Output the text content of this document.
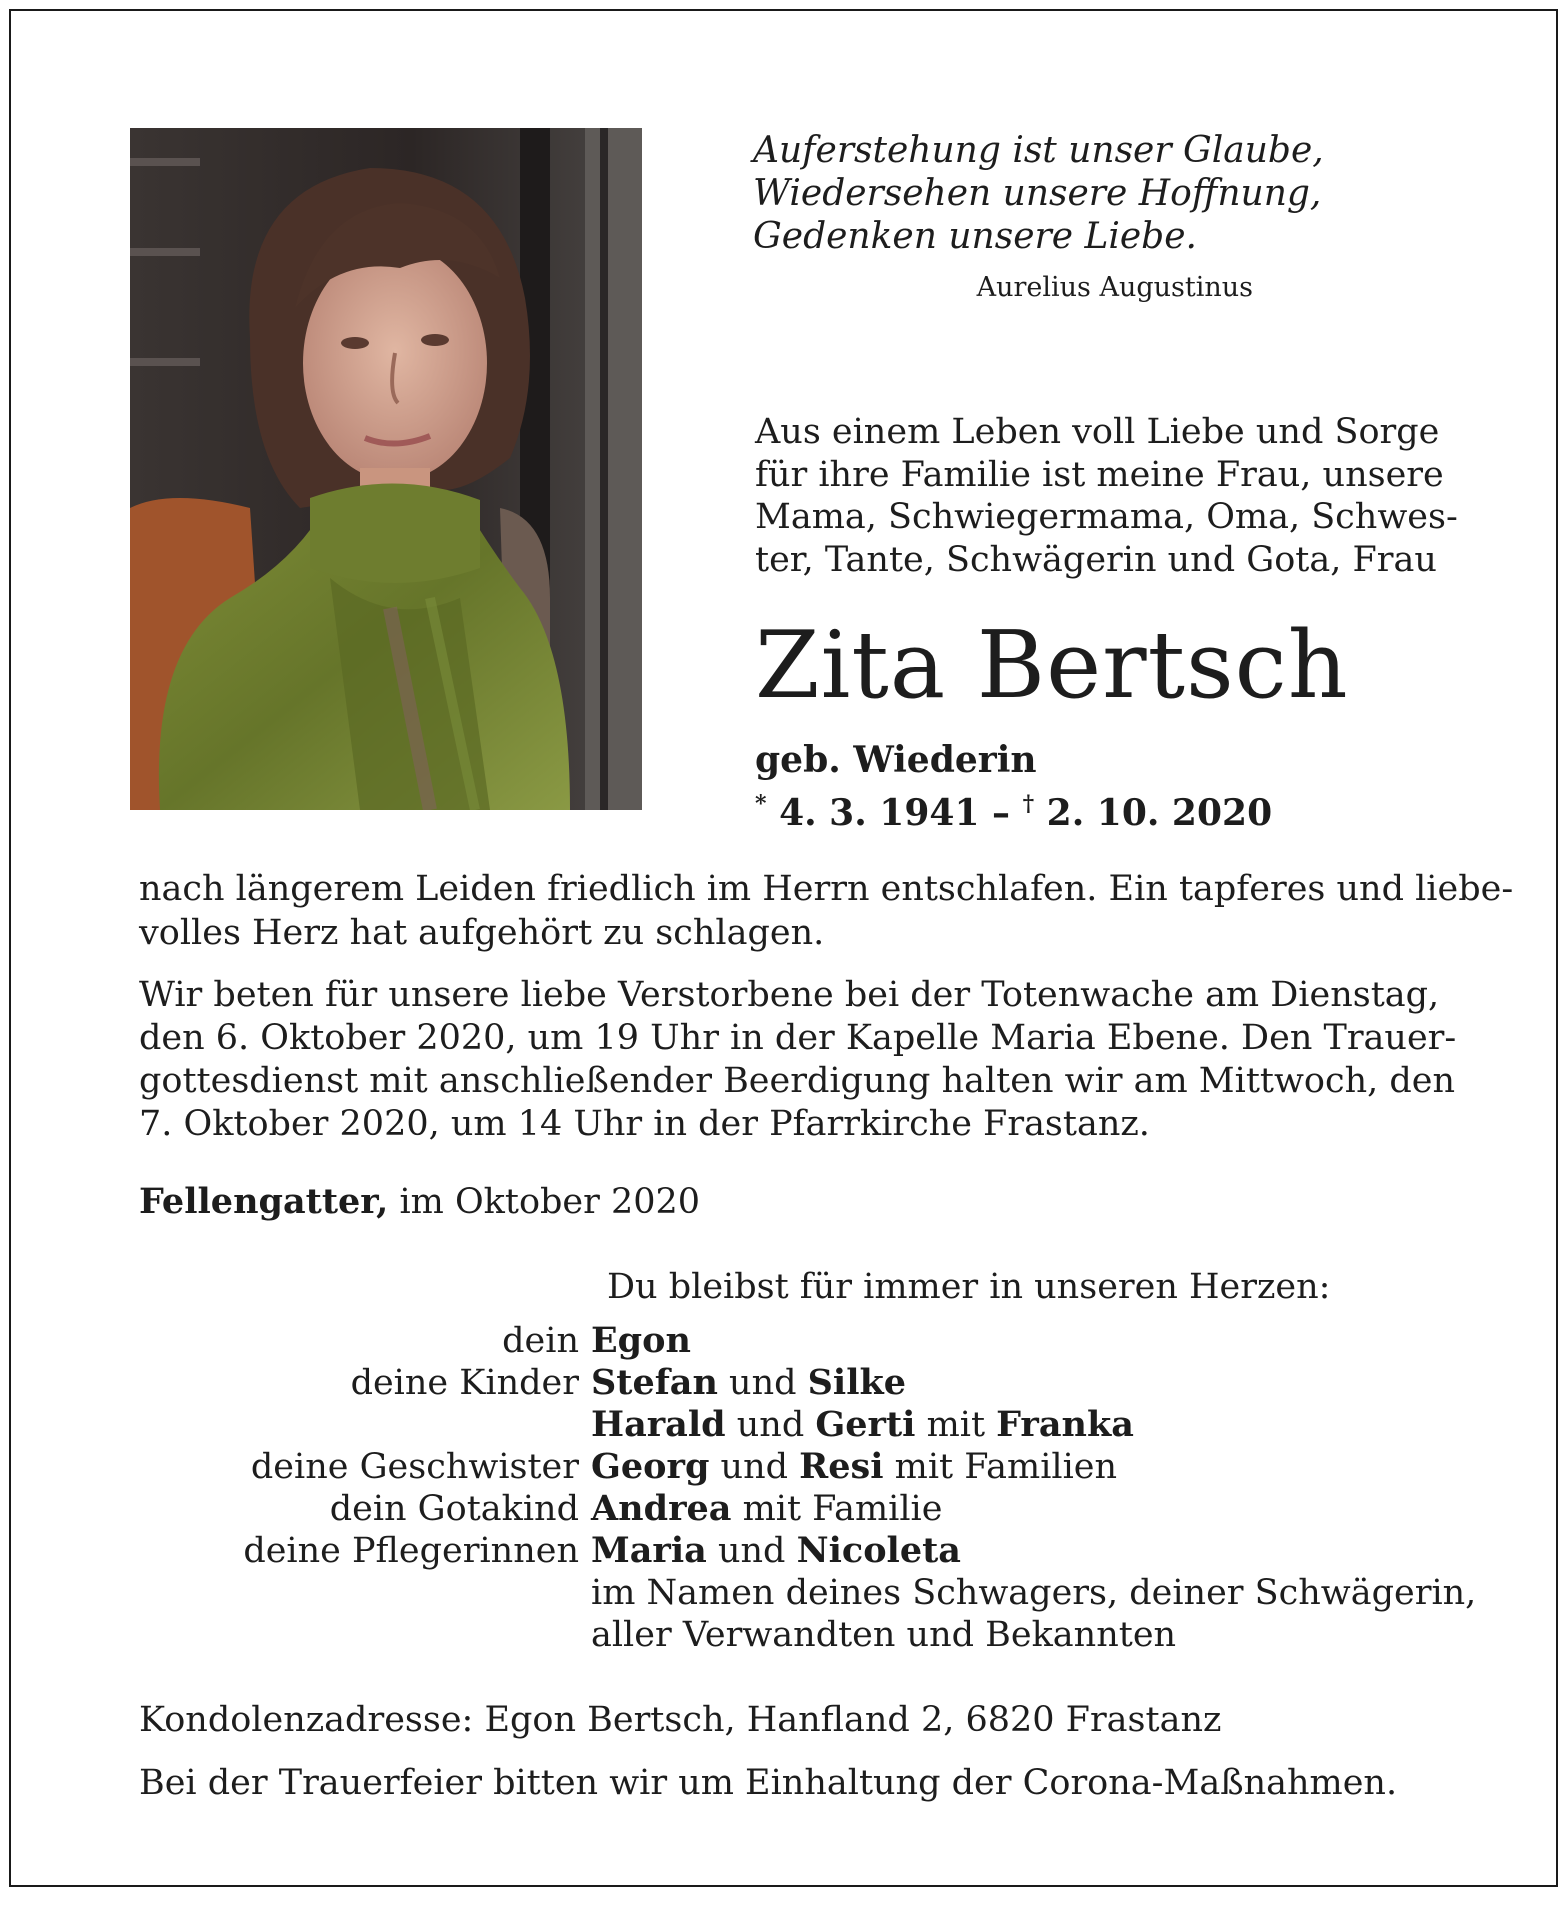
Auferstehung ist unser Glaube,
Wiedersehen unsere Hoffnung,
Gedenken unsere Liebe.
Aurelius Augustinus
Aus einem Leben voll Liebe und Sorge
für ihre Familie ist meine Frau, unsere
Mama, Schwiegermama, Oma, Schwes-
ter, Tante, Schwägerin und Gota, Frau
Zita Bertsch
geb. Wiederin
* 4. 3. 1941 – † 2. 10. 2020
nach längerem Leiden friedlich im Herrn entschlafen. Ein tapferes und liebe-
volles Herz hat aufgehört zu schlagen.
Wir beten für unsere liebe Verstorbene bei der Totenwache am Dienstag,
den 6. Oktober 2020, um 19 Uhr in der Kapelle Maria Ebene. Den Trauer-
gottesdienst mit anschließender Beerdigung halten wir am Mittwoch, den
7. Oktober 2020, um 14 Uhr in der Pfarrkirche Frastanz.
Fellengatter, im Oktober 2020
Du bleibst für immer in unseren Herzen:
dein Egon
deine Kinder Stefan und Silke
Harald und Gerti mit Franka
deine Geschwister Georg und Resi mit Familien
dein Gotakind Andrea mit Familie
deine Pflegerinnen Maria und Nicoleta
im Namen deines Schwagers, deiner Schwägerin,
aller Verwandten und Bekannten
Kondolenzadresse: Egon Bertsch, Hanfland 2, 6820 Frastanz
Bei der Trauerfeier bitten wir um Einhaltung der Corona-Maßnahmen.
